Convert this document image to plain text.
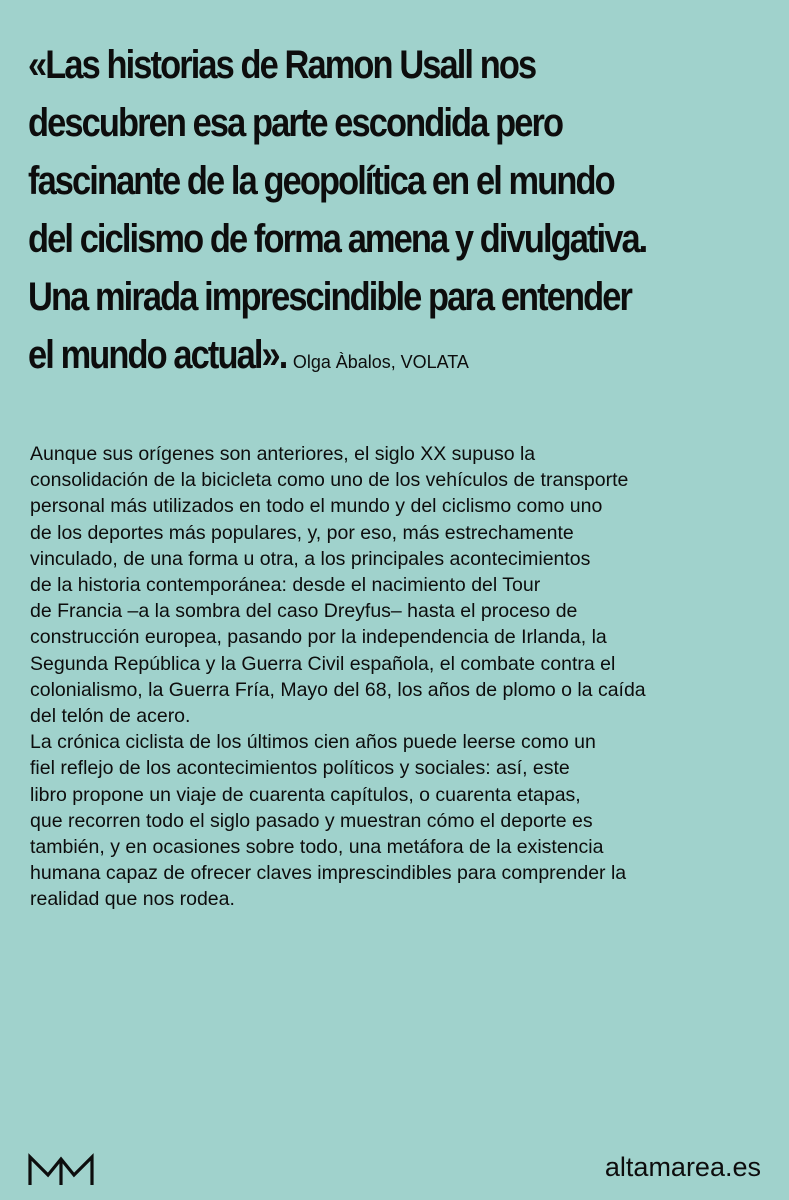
«Las historias de Ramon Usall nos
descubren esa parte escondida pero
fascinante de la geopolítica en el mundo
del ciclismo de forma amena y divulgativa.
Una mirada imprescindible para entender
el mundo actual». Olga Àbalos, VOLATA
Aunque sus orígenes son anteriores, el siglo XX supuso la
consolidación de la bicicleta como uno de los vehículos de transporte
personal más utilizados en todo el mundo y del ciclismo como uno
de los deportes más populares, y, por eso, más estrechamente
vinculado, de una forma u otra, a los principales acontecimientos
de la historia contemporánea: desde el nacimiento del Tour
de Francia –a la sombra del caso Dreyfus– hasta el proceso de
construcción europea, pasando por la independencia de Irlanda, la
Segunda República y la Guerra Civil española, el combate contra el
colonialismo, la Guerra Fría, Mayo del 68, los años de plomo o la caída
del telón de acero.
La crónica ciclista de los últimos cien años puede leerse como un
fiel reflejo de los acontecimientos políticos y sociales: así, este
libro propone un viaje de cuarenta capítulos, o cuarenta etapas,
que recorren todo el siglo pasado y muestran cómo el deporte es
también, y en ocasiones sobre todo, una metáfora de la existencia
humana capaz de ofrecer claves imprescindibles para comprender la
realidad que nos rodea.
altamarea.es
